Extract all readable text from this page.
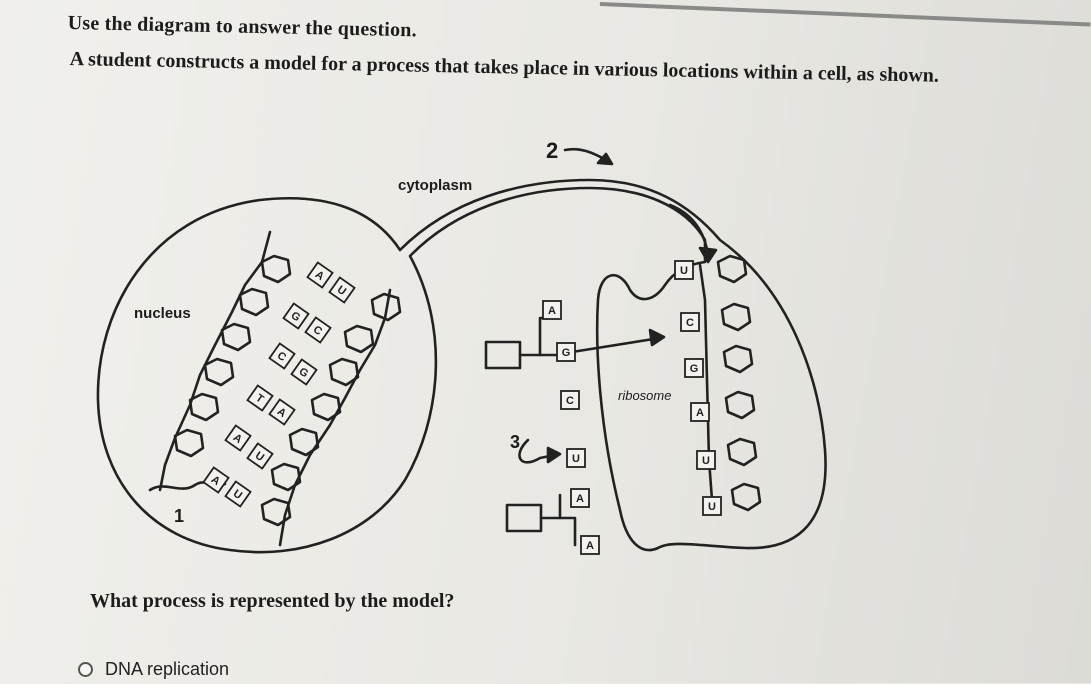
Use the diagram to answer the question.
A student constructs a model for a process that takes place in various locations within a cell, as shown.
A
U
G
C
C
G
T
A
A
U
A
U
U
C
G
A
U
U
A
G
C
U
A
A
cytoplasm
nucleus
ribosome
1
2
3
What process is represented by the model?
DNA replication
